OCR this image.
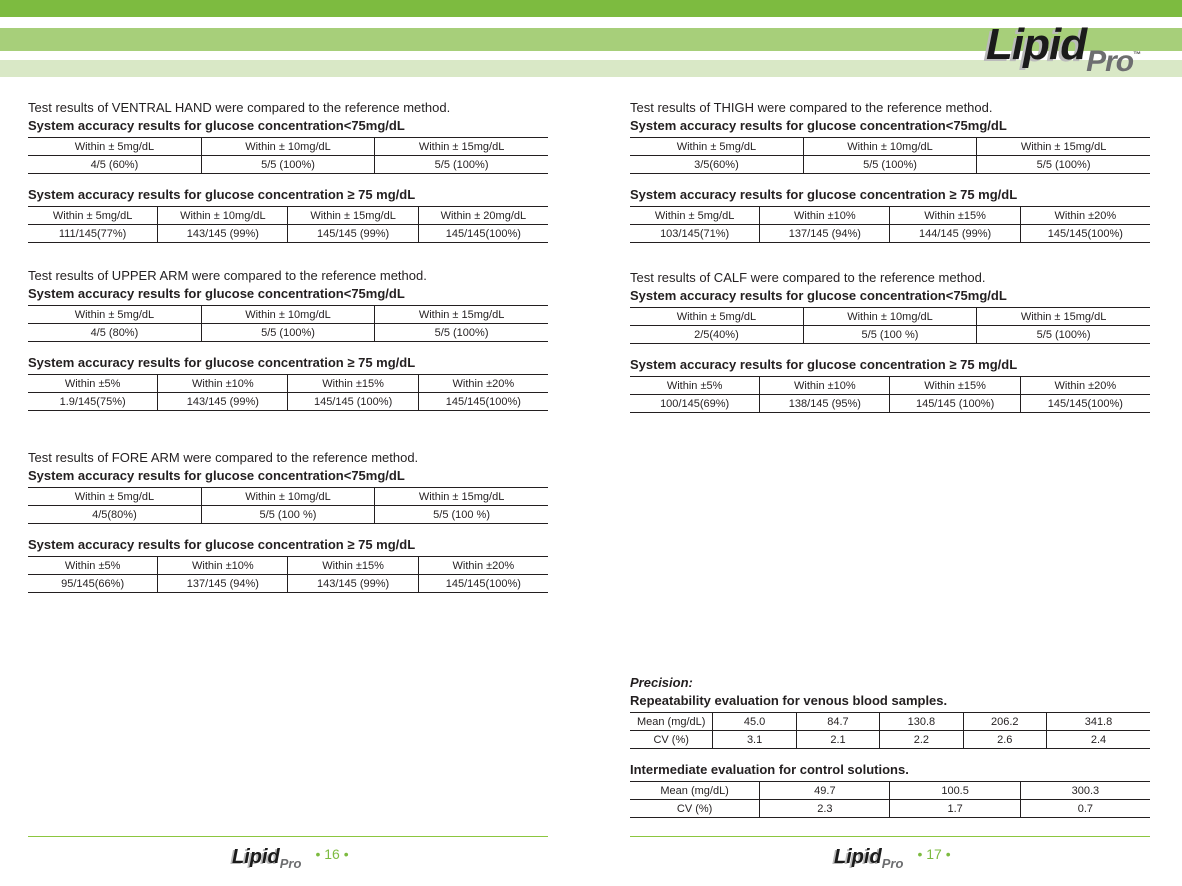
Lipid$_{Pro}$™
Test results of VENTRAL HAND were compared to the reference method.
System accuracy results for glucose concentration<75mg/dL
Within ± 5mg/dL	Within ± 10mg/dL	Within ± 15mg/dL
4/5 (60%)	5/5 (100%)	5/5 (100%)
System accuracy results for glucose concentration ≥ 75 mg/dL
Within ± 5mg/dL	Within ± 10mg/dL	Within ± 15mg/dL	Within ± 20mg/dL
111/145(77%)	143/145 (99%)	145/145 (99%)	145/145(100%)
Test results of UPPER ARM were compared to the reference method.
System accuracy results for glucose concentration<75mg/dL
Within ± 5mg/dL	Within ± 10mg/dL	Within ± 15mg/dL
4/5 (80%)	5/5 (100%)	5/5 (100%)
System accuracy results for glucose concentration ≥ 75 mg/dL
Within ±5%	Within ±10%	Within ±15%	Within ±20%
1.9/145(75%)	143/145 (99%)	145/145 (100%)	145/145(100%)
Test results of FORE ARM were compared to the reference method.
System accuracy results for glucose concentration<75mg/dL
Within ± 5mg/dL	Within ± 10mg/dL	Within ± 15mg/dL
4/5(80%)	5/5 (100 %)	5/5 (100 %)
System accuracy results for glucose concentration ≥ 75 mg/dL
Within ±5%	Within ±10%	Within ±15%	Within ±20%
95/145(66%)	137/145 (94%)	143/145 (99%)	145/145(100%)
Precision:
Repeatability evaluation for venous blood samples.
Mean (mg/dL)	45.0	84.7	130.8	206.2	341.8
CV (%)	3.1	2.1	2.2	2.6	2.4
Intermediate evaluation for control solutions.
Mean (mg/dL)	49.7	100.5	300.3
CV (%)	2.3	1.7	0.7
Test results of THIGH were compared to the reference method.
System accuracy results for glucose concentration<75mg/dL
Within ± 5mg/dL	Within ± 10mg/dL	Within ± 15mg/dL
3/5(60%)	5/5 (100%)	5/5 (100%)
System accuracy results for glucose concentration ≥ 75 mg/dL
Within ± 5mg/dL	Within ±10%	Within ±15%	Within ±20%
103/145(71%)	137/145 (94%)	144/145 (99%)	145/145(100%)
Test results of CALF were compared to the reference method.
System accuracy results for glucose concentration<75mg/dL
Within ± 5mg/dL	Within ± 10mg/dL	Within ± 15mg/dL
2/5(40%)	5/5 (100 %)	5/5 (100%)
System accuracy results for glucose concentration ≥ 75 mg/dL
Within ±5%	Within ±10%	Within ±15%	Within ±20%
100/145(69%)	138/145 (95%)	145/145 (100%)	145/145(100%)
Lipid$_{Pro}$• 16 •	Lipid$_{Pro}$• 17 •
